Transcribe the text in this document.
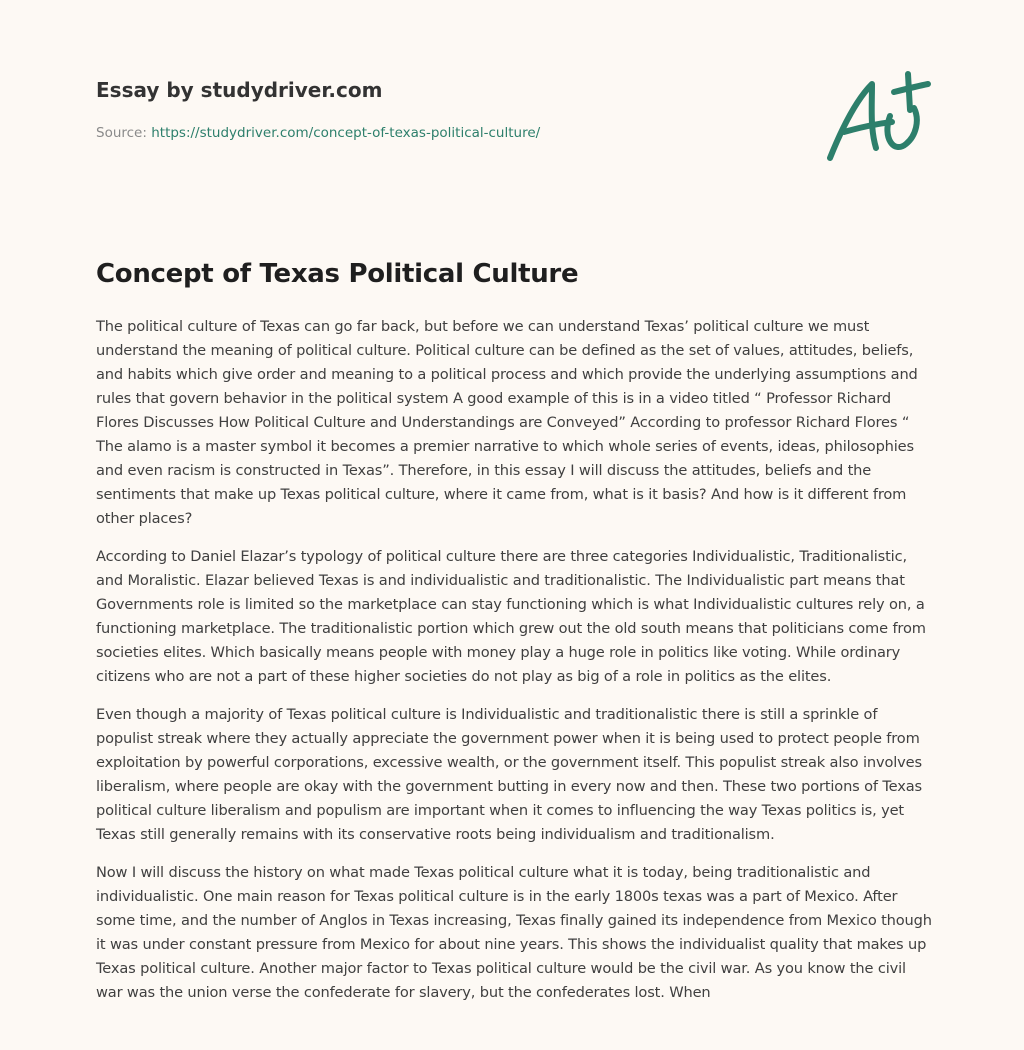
Essay by studydriver.com
Source: https://studydriver.com/concept-of-texas-political-culture/
Concept of Texas Political Culture

The political culture of Texas can go far back, but before we can understand Texas’ political culture we must understand the meaning of political culture. Political culture can be defined as the set of values, attitudes, beliefs, and habits which give order and meaning to a political process and which provide the underlying assumptions and rules that govern behavior in the political system A good example of this is in a video titled “ Professor Richard Flores Discusses How Political Culture and Understandings are Conveyed” According to professor Richard Flores “ The alamo is a master symbol it becomes a premier narrative to which whole series of events, ideas, philosophies and even racism is constructed in Texas”. Therefore, in this essay I will discuss the attitudes, beliefs and the sentiments that make up Texas political culture, where it came from, what is it basis? And how is it different from other places?

According to Daniel Elazar’s typology of political culture there are three categories Individualistic, Traditionalistic, and Moralistic. Elazar believed Texas is and individualistic and traditionalistic. The Individualistic part means that Governments role is limited so the marketplace can stay functioning which is what Individualistic cultures rely on, a functioning marketplace. The traditionalistic portion which grew out the old south means that politicians come from societies elites. Which basically means people with money play a huge role in politics like voting. While ordinary citizens who are not a part of these higher societies do not play as big of a role in politics as the elites.

Even though a majority of Texas political culture is Individualistic and traditionalistic there is still a sprinkle of populist streak where they actually appreciate the government power when it is being used to protect people from exploitation by powerful corporations, excessive wealth, or the government itself. This populist streak also involves liberalism, where people are okay with the government butting in every now and then. These two portions of Texas political culture liberalism and populism are important when it comes to influencing the way Texas politics is, yet Texas still generally remains with its conservative roots being individualism and traditionalism.

Now I will discuss the history on what made Texas political culture what it is today, being traditionalistic and individualistic. One main reason for Texas political culture is in the early 1800s texas was a part of Mexico. After some time, and the number of Anglos in Texas increasing, Texas finally gained its independence from Mexico though it was under constant pressure from Mexico for about nine years. This shows the individualist quality that makes up Texas political culture. Another major factor to Texas political culture would be the civil war. As you know the civil war was the union verse the confederate for slavery, but the confederates lost. When
